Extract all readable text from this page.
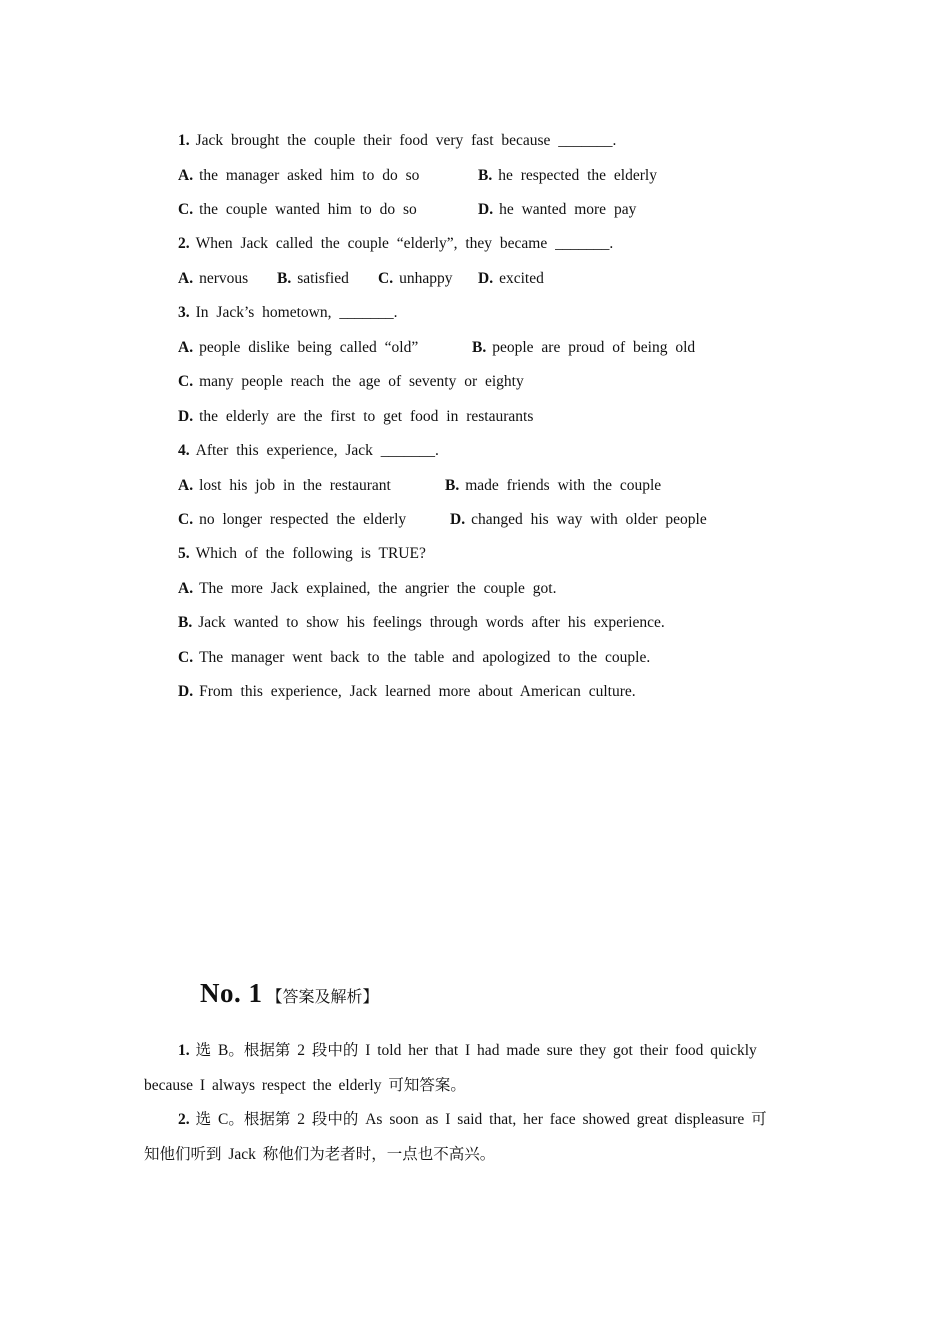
1. Jack brought the couple their food very fast because _______.
A. the manager asked him to do so	B. he respected the elderly
C. the couple wanted him to do so	D. he wanted more pay
2. When Jack called the couple “elderly”, they became _______.
A. nervous B. satisfied C. unhappy D. excited
3. In Jack’s hometown, _______.
A. people dislike being called “old”	B. people are proud of being old
C. many people reach the age of seventy or eighty
D. the elderly are the first to get food in restaurants
4. After this experience, Jack _______.
A. lost his job in the restaurant	B. made friends with the couple
C. no longer respected the elderly	D. changed his way with older people
5. Which of the following is TRUE?
A. The more Jack explained, the angrier the couple got.
B. Jack wanted to show his feelings through words after his experience.
C. The manager went back to the table and apologized to the couple.
D. From this experience, Jack learned more about American culture.
No. 1 【答案及解析】
1. 选 B。根据第 2 段中的 I told her that I had made sure they got their food quickly
because I always respect the elderly 可知答案。
2. 选 C。根据第 2 段中的 As soon as I said that, her face showed great displeasure 可
知他们听到 Jack 称他们为老者时，一点也不高兴。
